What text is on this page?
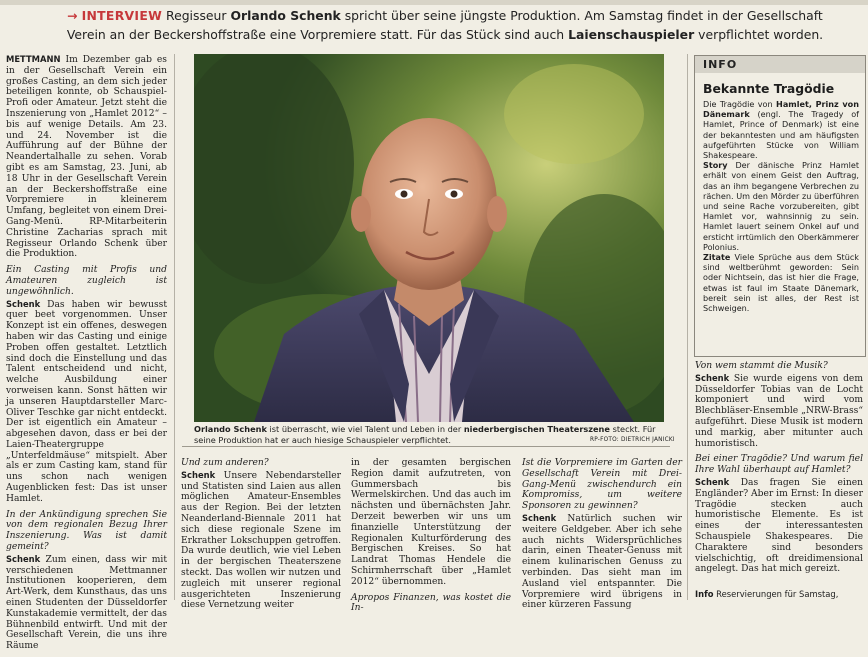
→ INTERVIEW Regisseur Orlando Schenk spricht über seine jüngste Produktion. Am Samstag findet in der Gesellschaft Verein an der Beckershoffstraße eine Vorpremiere statt. Für das Stück sind auch Laienschauspieler verpflichtet worden.

METTMANN Im Dezember gab es in der Gesellschaft Verein ein großes Casting, an dem sich jeder beteiligen konnte, ob Schauspiel-Profi oder Amateur. Jetzt steht die Inszenierung von „Hamlet 2012“ – bis auf wenige Details. Am 23. und 24. November ist die Aufführung auf der Bühne der Neandertalhalle zu sehen. Vorab gibt es am Samstag, 23. Juni, ab 18 Uhr in der Gesellschaft Verein an der Beckershoffstraße eine Vorpremiere in kleinerem Umfang, begleitet von einem Drei-Gang-Menü. RP-Mitarbeiterin Christine Zacharias sprach mit Regisseur Orlando Schenk über die Produktion.

Ein Casting mit Profis und Amateuren zugleich ist ungewöhnlich.
Schenk Das haben wir bewusst quer beet vorgenommen. Unser Konzept ist ein offenes, deswegen haben wir das Casting und einige Proben offen gestaltet. Letztlich sind doch die Einstellung und das Talent entscheidend und nicht, welche Ausbildung einer vorweisen kann. Sonst hätten wir ja unseren Hauptdarsteller Marc-Oliver Teschke gar nicht entdeckt. Der ist eigentlich ein Amateur – abgesehen davon, dass er bei der Laien-Theatergruppe „Unterfeldmäuse“ mitspielt. Aber als er zum Casting kam, stand für uns schon nach wenigen Augenblicken fest: Das ist unser Hamlet.

In der Ankündigung sprechen Sie von dem regionalen Bezug Ihrer Inszenierung. Was ist damit gemeint?
Schenk Zum einen, dass wir mit verschiedenen Mettmanner Institutionen kooperieren, dem Art-Werk, dem Kunsthaus, das uns einen Studenten der Düsseldorfer Kunstakademie vermittelt, der das Bühnenbild entwirft. Und mit der Gesellschaft Verein, die uns ihre Räume

Orlando Schenk ist überrascht, wie viel Talent und Leben in der niederbergischen Theaterszene steckt. Für seine Produktion hat er auch hiesige Schauspieler verpflichtet.	RP-FOTO: DIETRICH JANICKI

Und zum anderen?
Schenk Unsere Nebendarsteller und Statisten sind Laien aus allen möglichen Amateur-Ensembles aus der Region. Bei der letzten Neanderland-Biennale 2011 hat sich diese regionale Szene im Erkrather Lokschuppen getroffen. Da wurde deutlich, wie viel Leben in der bergischen Theaterszene steckt. Das wollen wir nutzen und zugleich mit unserer regional ausgerichteten Inszenierung diese Vernetzung weiter

in der gesamten bergischen Region damit aufzutreten, von Gummersbach bis Wermelskirchen. Und das auch im nächsten und übernächsten Jahr. Derzeit bewerben wir uns um finanzielle Unterstützung der Regionalen Kulturförderung des Bergischen Kreises. So hat Landrat Thomas Hendele die Schirmherrschaft über „Hamlet 2012“ übernommen.

Apropos Finanzen, was kostet die In-

Ist die Vorpremiere im Garten der Gesellschaft Verein mit Drei-Gang-Menü zwischendurch ein Kompromiss, um weitere Sponsoren zu gewinnen?
Schenk Natürlich suchen wir weitere Geldgeber. Aber ich sehe auch nichts Widersprüchliches darin, einen Theater-Genuss mit einem kulinarischen Genuss zu verbinden. Das sieht man im Ausland viel entspannter. Die Vorpremiere wird übrigens in einer kürzeren Fassung

INFO
Bekannte Tragödie

Die Tragödie von Hamlet, Prinz von Dänemark (engl. The Tragedy of Hamlet, Prince of Denmark) ist eine der bekanntesten und am häufigsten aufgeführten Stücke von William Shakespeare.

Story Der dänische Prinz Hamlet erhält von einem Geist den Auftrag, das an ihm begangene Verbrechen zu rächen. Um den Mörder zu überführen und seine Rache vorzubereiten, gibt Hamlet vor, wahnsinnig zu sein. Hamlet lauert seinem Onkel auf und ersticht irrtümlich den Oberkämmerer Polonius.

Zitate Viele Sprüche aus dem Stück sind weltberühmt geworden: Sein oder Nichtsein, das ist hier die Frage, etwas ist faul im Staate Dänemark, bereit sein ist alles, der Rest ist Schweigen.

Von wem stammt die Musik?
Schenk Sie wurde eigens von dem Düsseldorfer Tobias van de Locht komponiert und wird vom Blechbläser-Ensemble „NRW-Brass“ aufgeführt. Diese Musik ist modern und markig, aber mitunter auch humoristisch.

Bei einer Tragödie? Und warum fiel Ihre Wahl überhaupt auf Hamlet?
Schenk Das fragen Sie einen Engländer? Aber im Ernst: In dieser Tragödie stecken auch humoristische Elemente. Es ist eines der interessantesten Schauspiele Shakespeares. Die Charaktere sind besonders vielschichtig, oft dreidimensional angelegt. Das hat mich gereizt.

Info Reservierungen für Samstag,
